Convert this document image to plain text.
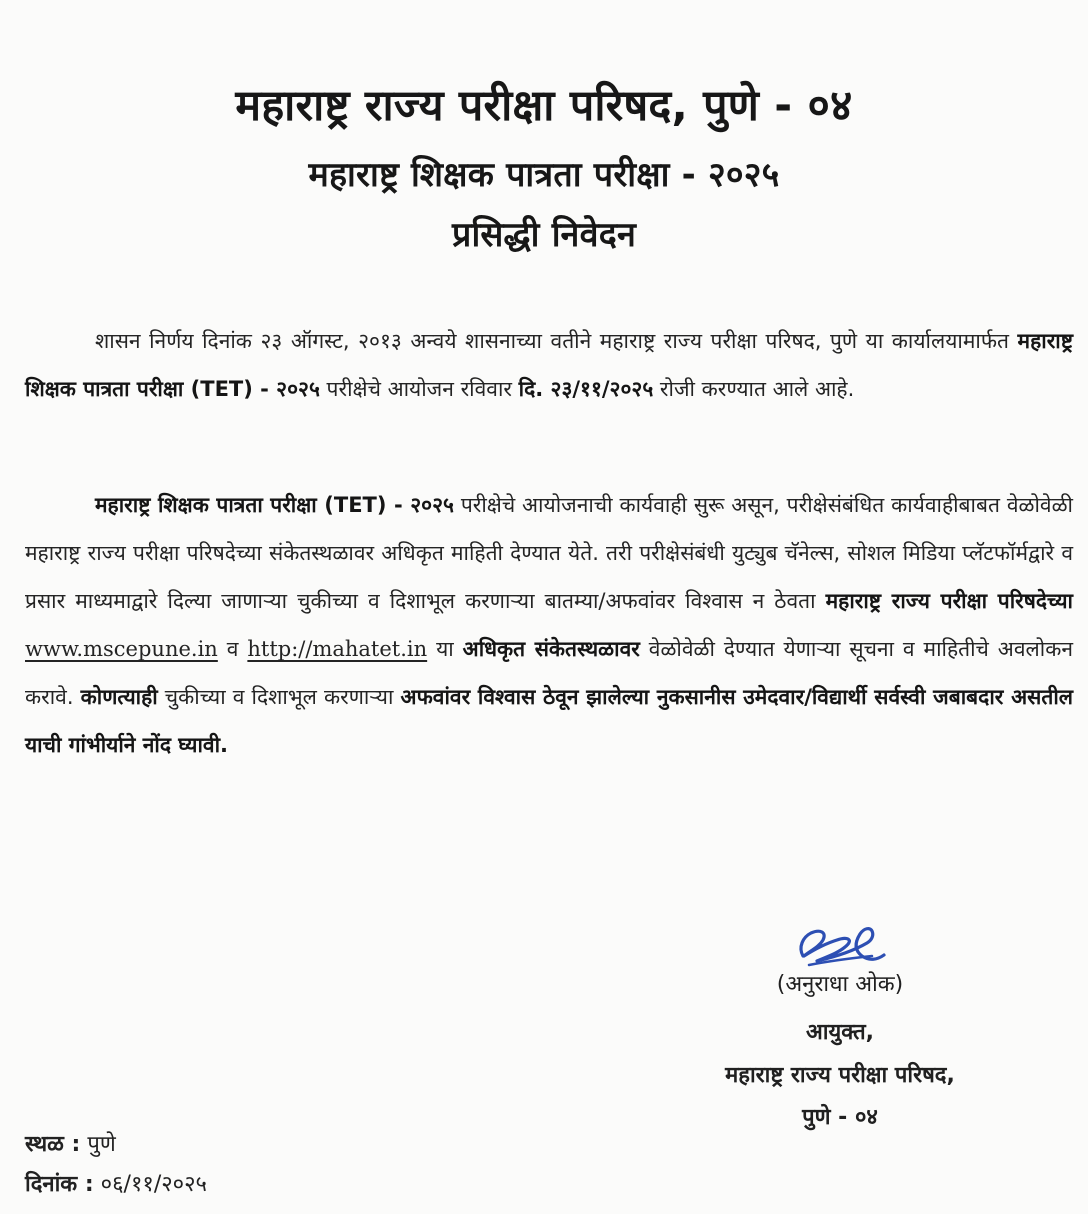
महाराष्ट्र राज्य परीक्षा परिषद, पुणे - ०४
महाराष्ट्र शिक्षक पात्रता परीक्षा - २०२५
प्रसिद्धी निवेदन
शासन निर्णय दिनांक २३ ऑगस्ट, २०१३ अन्वये शासनाच्या वतीने महाराष्ट्र राज्य परीक्षा परिषद, पुणे या कार्यालयामार्फत महाराष्ट्र शिक्षक पात्रता परीक्षा (TET) - २०२५ परीक्षेचे आयोजन रविवार दि. २३/११/२०२५ रोजी करण्यात आले आहे.
महाराष्ट्र शिक्षक पात्रता परीक्षा (TET) - २०२५ परीक्षेचे आयोजनाची कार्यवाही सुरू असून, परीक्षेसंबंधित कार्यवाहीबाबत वेळोवेळी महाराष्ट्र राज्य परीक्षा परिषदेच्या संकेतस्थळावर अधिकृत माहिती देण्यात येते. तरी परीक्षेसंबंधी युट्युब चॅनेल्स, सोशल मिडिया प्लॅटफॉर्मद्वारे व प्रसार माध्यमाद्वारे दिल्या जाणाऱ्या चुकीच्या व दिशाभूल करणाऱ्या बातम्या/अफवांवर विश्वास न ठेवता महाराष्ट्र राज्य परीक्षा परिषदेच्या www.mscepune.in व http://mahatet.in या अधिकृत संकेतस्थळावर वेळोवेळी देण्यात येणाऱ्या सूचना व माहितीचे अवलोकन करावे. कोणत्याही चुकीच्या व दिशाभूल करणाऱ्या अफवांवर विश्वास ठेवून झालेल्या नुकसानीस उमेदवार/विद्यार्थी सर्वस्वी जबाबदार असतील याची गांभीर्याने नोंद घ्यावी.
(अनुराधा ओक)
आयुक्त,
महाराष्ट्र राज्य परीक्षा परिषद,
पुणे - ०४
स्थळ : पुणे
दिनांक : ०६/११/२०२५
